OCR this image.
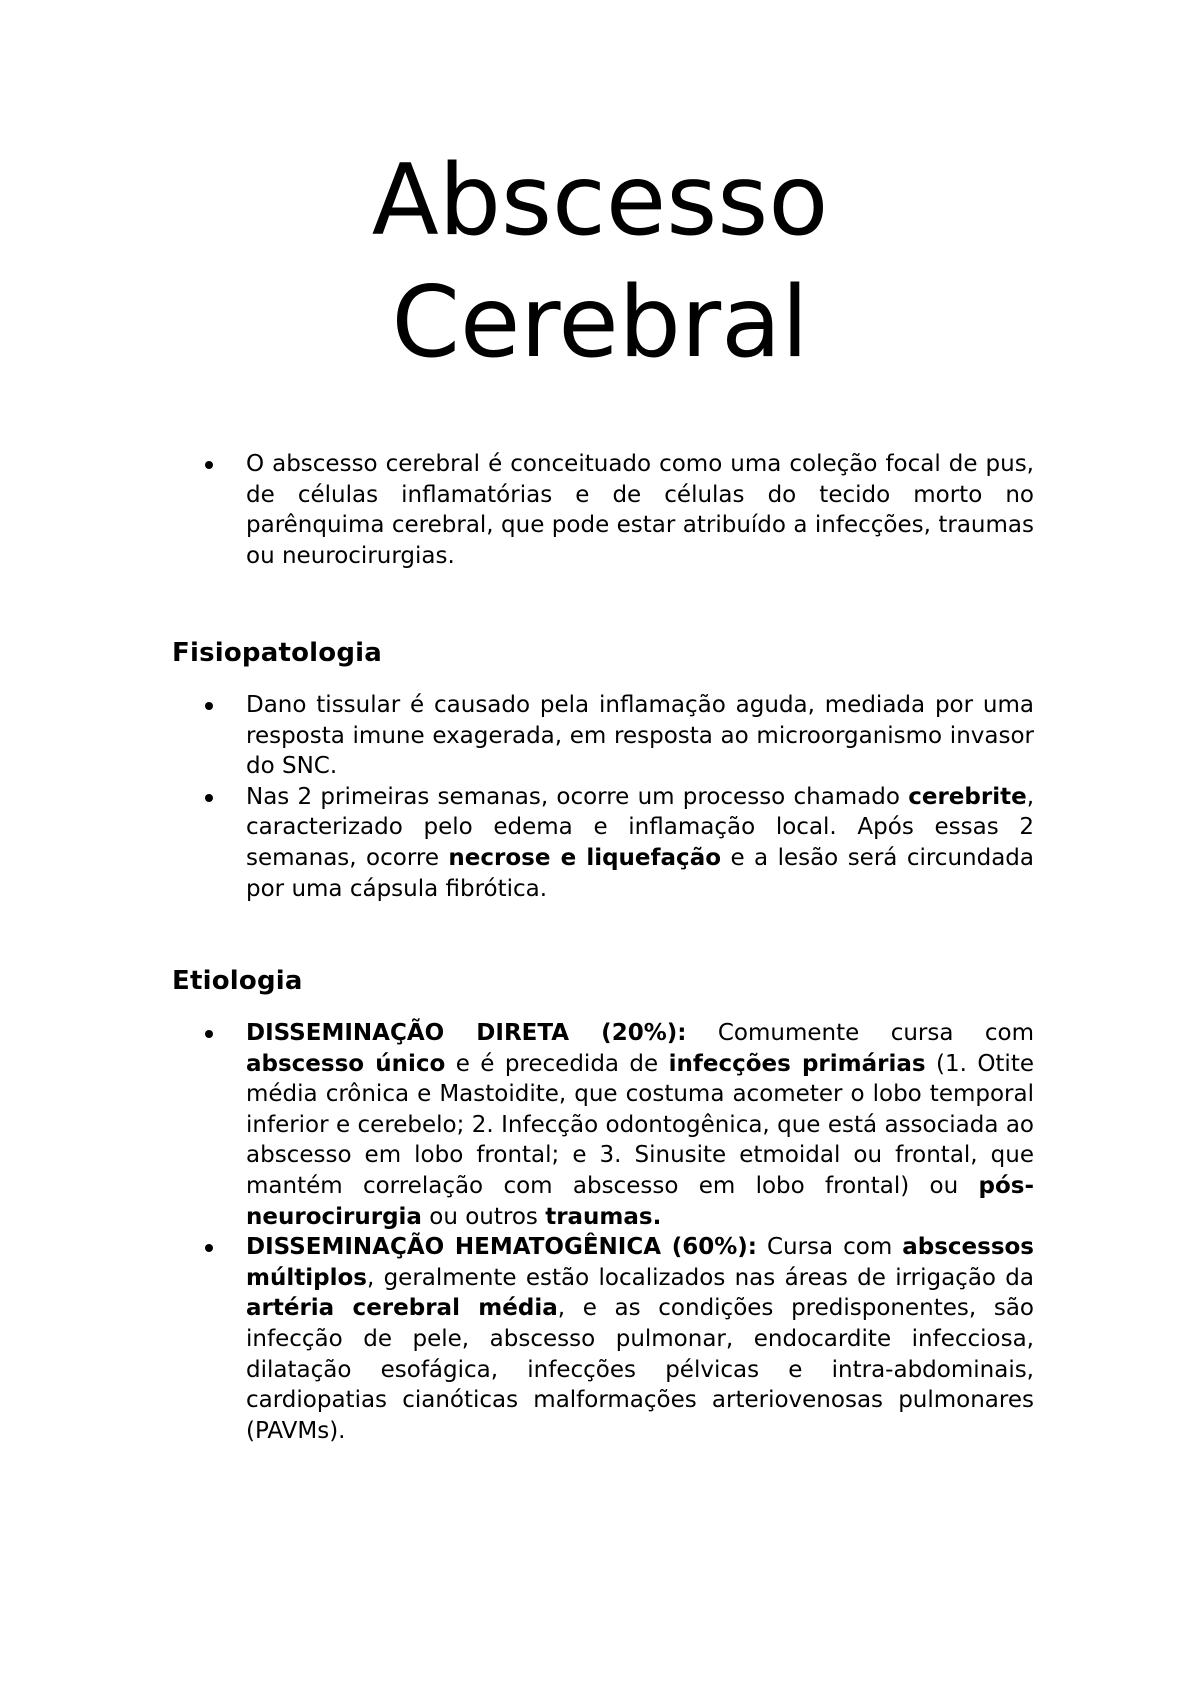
Abscesso
Cerebral
O abscesso cerebral é conceituado como uma coleção focal de pus, de células inflamatórias e de células do tecido morto no parênquima cerebral, que pode estar atribuído a infecções, traumas ou neurocirurgias.
Fisiopatologia
Dano tissular é causado pela inflamação aguda, mediada por uma resposta imune exagerada, em resposta ao microorganismo invasor do SNC.
Nas 2 primeiras semanas, ocorre um processo chamado cerebrite, caracterizado pelo edema e inflamação local. Após essas 2 semanas, ocorre necrose e liquefação e a lesão será circundada por uma cápsula fibrótica.
Etiologia
DISSEMINAÇÃO DIRETA (20%): Comumente cursa com abscesso único e é precedida de infecções primárias (1. Otite média crônica e Mastoidite, que costuma acometer o lobo temporal inferior e cerebelo; 2. Infecção odontogênica, que está associada ao abscesso em lobo frontal; e 3. Sinusite etmoidal ou frontal, que mantém correlação com abscesso em lobo frontal) ou pós-neurocirurgia ou outros traumas.
DISSEMINAÇÃO HEMATOGÊNICA (60%): Cursa com abscessos múltiplos, geralmente estão localizados nas áreas de irrigação da artéria cerebral média, e as condições predisponentes, são infecção de pele, abscesso pulmonar, endocardite infecciosa, dilatação esofágica, infecções pélvicas e intra-abdominais, cardiopatias cianóticas malformações arteriovenosas pulmonares (PAVMs).
